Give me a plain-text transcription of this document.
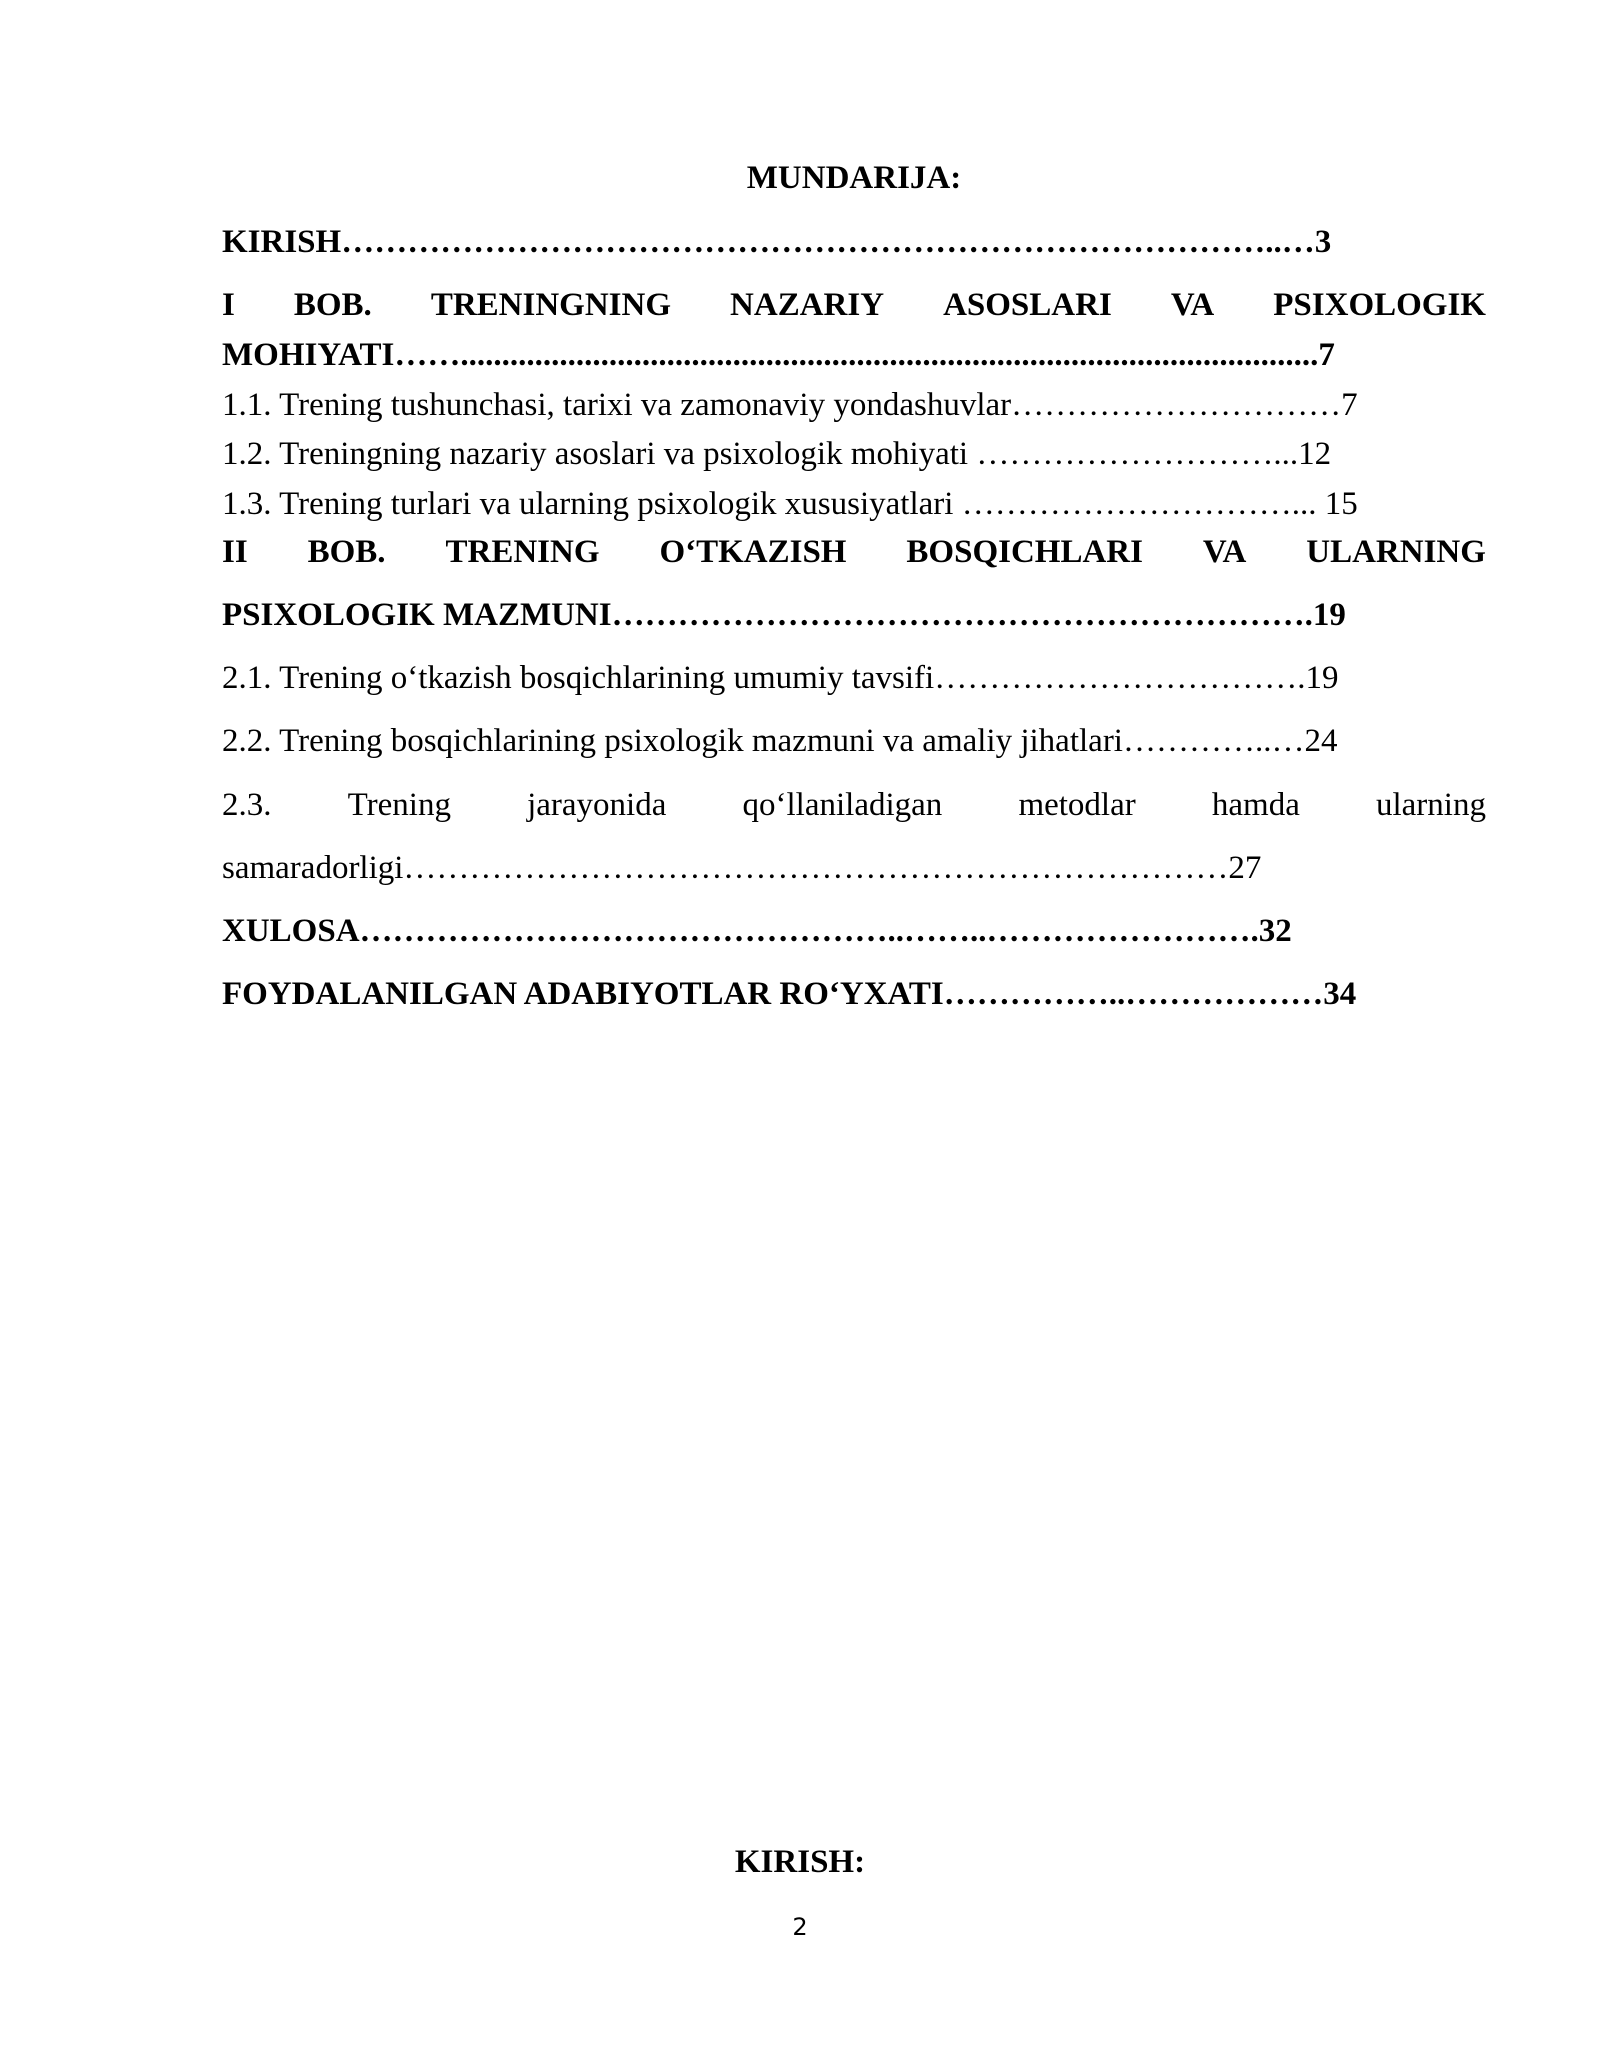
MUNDARIJA:
KIRISH…………………………………………………………………………..…3
I BOB. TRENINGNING NAZARIY ASOSLARI VA PSIXOLOGIK
MOHIYATI……........................................................................................................7
1.1. Trening tushunchasi, tarixi va zamonaviy yondashuvlar…………………………7
1.2. Treningning nazariy asoslari va psixologik mohiyati ………………………...12
1.3. Trening turlari va ularning psixologik xususiyatlari …………………………... 15
II BOB. TRENING O‘TKAZISH BOSQICHLARI VA ULARNING
PSIXOLOGIK MAZMUNI……………………………………………………….19
2.1. Trening o‘tkazish bosqichlarining umumiy tavsifi…………………………….19
2.2. Trening bosqichlarining psixologik mazmuni va amaliy jihatlari…………..…24
2.3. Trening jarayonida qo‘llaniladigan metodlar hamda ularning
samaradorligi…………………………………………………………………27
XULOSA…………………………………………..……..…………………….32
FOYDALANILGAN ADABIYOTLAR RO‘YXATI……………..………………34
KIRISH:
2
